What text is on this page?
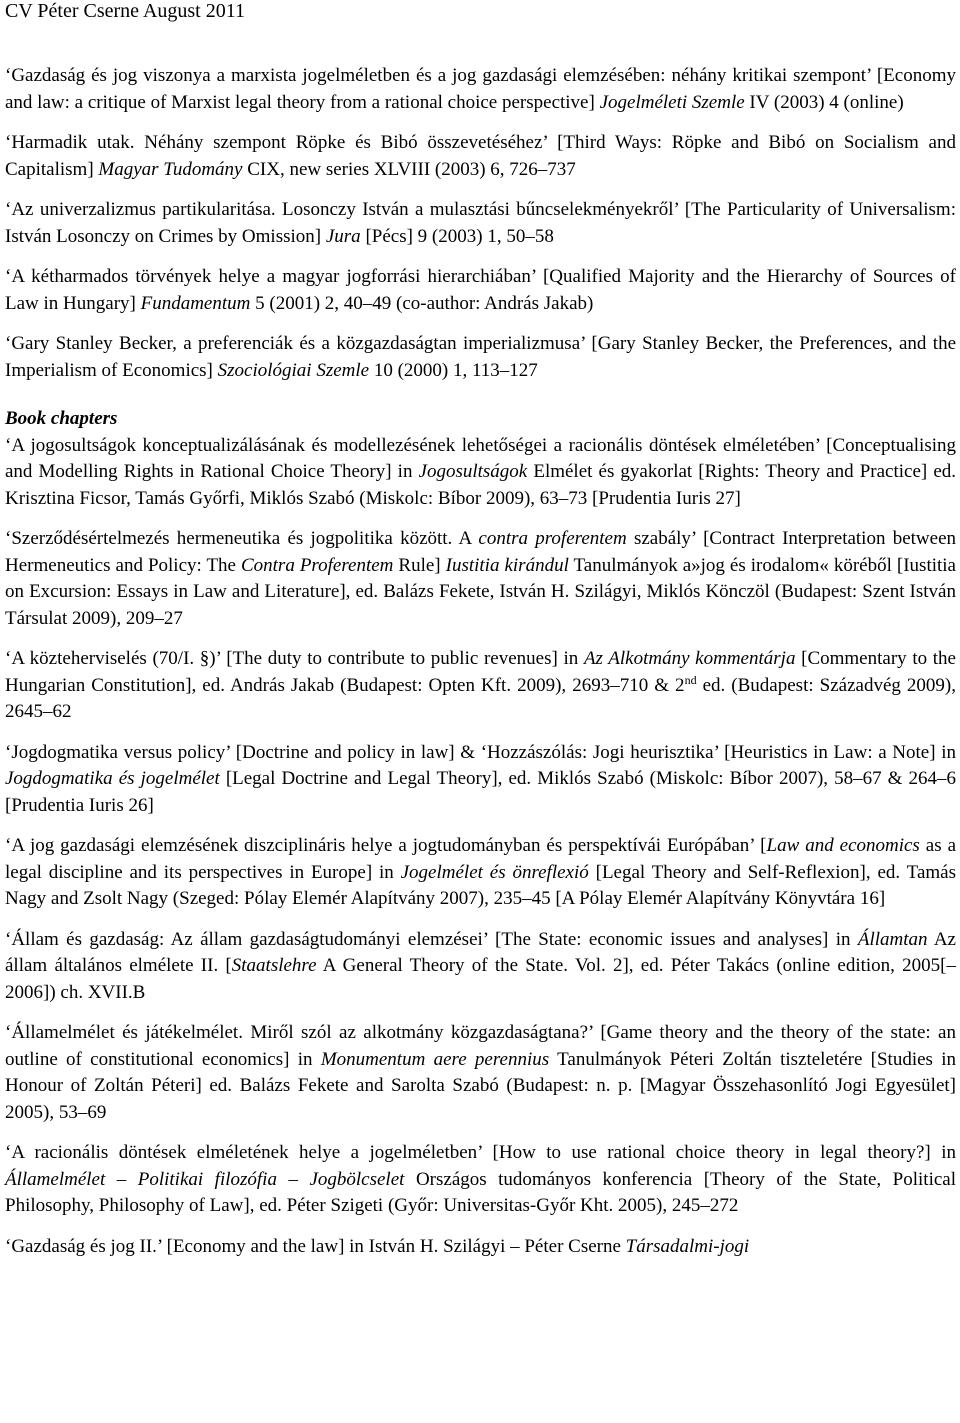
CV Péter Cserne August 2011

‘Gazdaság és jog viszonya a marxista jogelméletben és a jog gazdasági elemzésében: néhány kritikai szempont’ [Economy and law: a critique of Marxist legal theory from a rational choice perspective] Jogelméleti Szemle IV (2003) 4 (online)

‘Harmadik utak. Néhány szempont Röpke és Bibó összevetéséhez’ [Third Ways: Röpke and Bibó on Socialism and Capitalism] Magyar Tudomány CIX, new series XLVIII (2003) 6, 726–737

‘Az univerzalizmus partikularitása. Losonczy István a mulasztási bűncselekményekről’ [The Particularity of Universalism: István Losonczy on Crimes by Omission] Jura [Pécs] 9 (2003) 1, 50–58

‘A kétharmados törvények helye a magyar jogforrási hierarchiában’ [Qualified Majority and the Hierarchy of Sources of Law in Hungary] Fundamentum 5 (2001) 2, 40–49 (co-author: András Jakab)

‘Gary Stanley Becker, a preferenciák és a közgazdaságtan imperializmusa’ [Gary Stanley Becker, the Preferences, and the Imperialism of Economics] Szociológiai Szemle 10 (2000) 1, 113–127

Book chapters

‘A jogosultságok konceptualizálásának és modellezésének lehetőségei a racionális döntések elméletében’ [Conceptualising and Modelling Rights in Rational Choice Theory] in Jogosultságok Elmélet és gyakorlat [Rights: Theory and Practice] ed. Krisztina Ficsor, Tamás Győrfi, Miklós Szabó (Miskolc: Bíbor 2009), 63–73 [Prudentia Iuris 27]

‘Szerződésértelmezés hermeneutika és jogpolitika között. A contra proferentem szabály’ [Contract Interpretation between Hermeneutics and Policy: The Contra Proferentem Rule] Iustitia kirándul Tanulmányok a»jog és irodalom« köréből [Iustitia on Excursion: Essays in Law and Literature], ed. Balázs Fekete, István H. Szilágyi, Miklós Könczöl (Budapest: Szent István Társulat 2009), 209–27

‘A közteherviselés (70/I. §)’ [The duty to contribute to public revenues] in Az Alkotmány kommentárja [Commentary to the Hungarian Constitution], ed. András Jakab (Budapest: Opten Kft. 2009), 2693–710 & 2nd ed. (Budapest: Századvég 2009), 2645–62

‘Jogdogmatika versus policy’ [Doctrine and policy in law] & ‘Hozzászólás: Jogi heurisztika’ [Heuristics in Law: a Note] in Jogdogmatika és jogelmélet [Legal Doctrine and Legal Theory], ed. Miklós Szabó (Miskolc: Bíbor 2007), 58–67 & 264–6 [Prudentia Iuris 26]

‘A jog gazdasági elemzésének diszciplináris helye a jogtudományban és perspektívái Európában’ [Law and economics as a legal discipline and its perspectives in Europe] in Jogelmélet és önreflexió [Legal Theory and Self-Reflexion], ed. Tamás Nagy and Zsolt Nagy (Szeged: Pólay Elemér Alapítvány 2007), 235–45 [A Pólay Elemér Alapítvány Könyvtára 16]

‘Állam és gazdaság: Az állam gazdaságtudományi elemzései’ [The State: economic issues and analyses] in Államtan Az állam általános elmélete II. [Staatslehre A General Theory of the State. Vol. 2], ed. Péter Takács (online edition, 2005[–2006]) ch. XVII.B

‘Államelmélet és játékelmélet. Miről szól az alkotmány közgazdaságtana?’ [Game theory and the theory of the state: an outline of constitutional economics] in Monumentum aere perennius Tanulmányok Péteri Zoltán tiszteletére [Studies in Honour of Zoltán Péteri] ed. Balázs Fekete and Sarolta Szabó (Budapest: n. p. [Magyar Összehasonlító Jogi Egyesület] 2005), 53–69

‘A racionális döntések elméletének helye a jogelméletben’ [How to use rational choice theory in legal theory?] in Államelmélet – Politikai filozófia – Jogbölcselet Országos tudományos konferencia [Theory of the State, Political Philosophy, Philosophy of Law], ed. Péter Szigeti (Győr: Universitas-Győr Kht. 2005), 245–272

‘Gazdaság és jog II.’ [Economy and the law] in István H. Szilágyi – Péter Cserne Társadalmi-jogi
